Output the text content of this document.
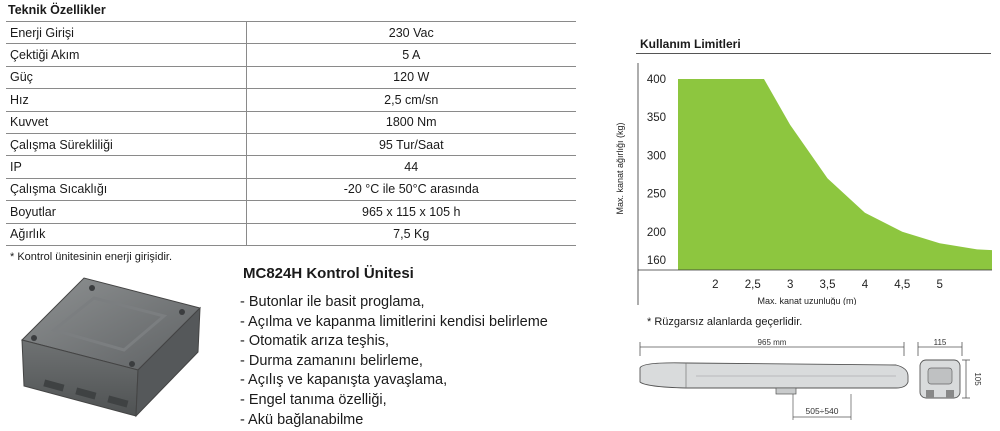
Teknik Özellikler
Enerji Girişi	230 Vac
Çektiği Akım	5 A
Güç	120 W
Hız	2,5 cm/sn
Kuvvet	1800 Nm
Çalışma Sürekliliği	95 Tur/Saat
IP	44
Çalışma Sıcaklığı	-20 °C ile 50°C arasında
Boyutlar	965 x 115 x 105 h
Ağırlık	7,5 Kg
* Kontrol ünitesinin enerji girişidir.
MC824H Kontrol Ünitesi
- Butonlar ile basit proglama,
- Açılma ve kapanma limitlerini kendisi belirleme
- Otomatik arıza teşhis,
- Durma zamanını belirleme,
- Açılış ve kapanışta yavaşlama,
- Engel tanıma özelliği,
- Akü bağlanabilme
Kullanım Limitleri
400
350
300
250
200
160
2 2,5 3 3,5 4 4,5 5
Max. kanat uzunluğu (m)
Max. kanat ağırlığı (kg)
* Rüzgarsız alanlarda geçerlidir.
965 mm
505÷540
115
105
